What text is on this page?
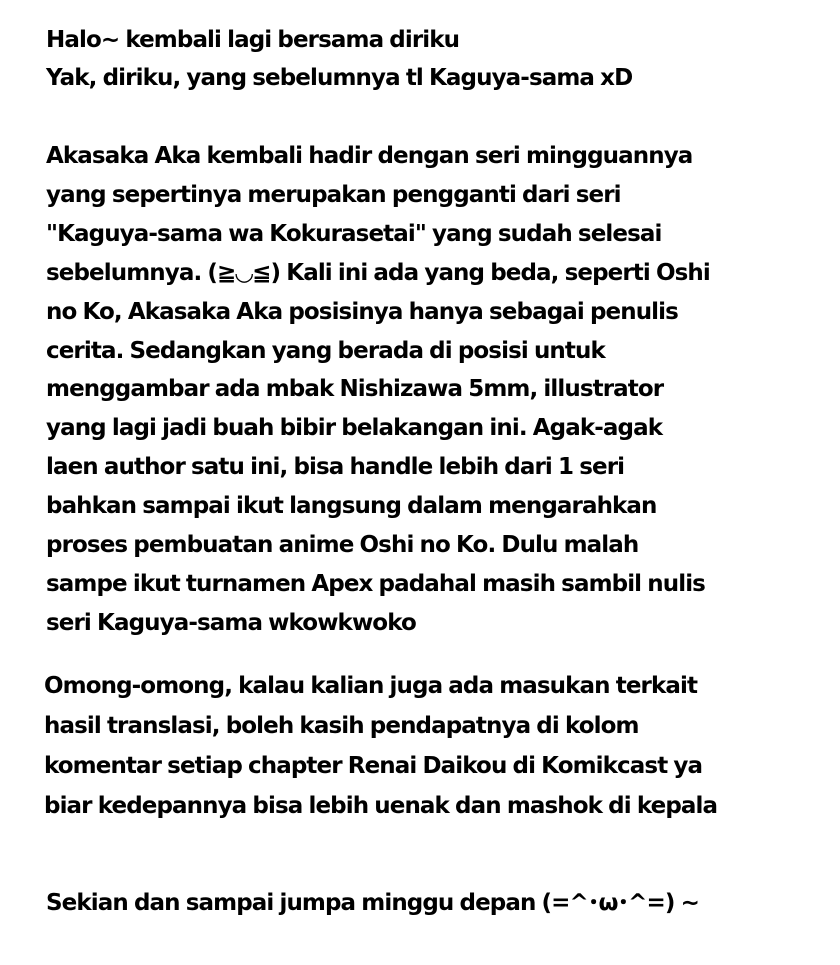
Halo~ kembali lagi bersama diriku
Yak, diriku, yang sebelumnya tl Kaguya-sama xD
Akasaka Aka kembali hadir dengan seri mingguannya
yang sepertinya merupakan pengganti dari seri
"Kaguya-sama wa Kokurasetai" yang sudah selesai
sebelumnya. (≧◡≦) Kali ini ada yang beda, seperti Oshi
no Ko, Akasaka Aka posisinya hanya sebagai penulis
cerita. Sedangkan yang berada di posisi untuk
menggambar ada mbak Nishizawa 5mm, illustrator
yang lagi jadi buah bibir belakangan ini. Agak-agak
laen author satu ini, bisa handle lebih dari 1 seri
bahkan sampai ikut langsung dalam mengarahkan
proses pembuatan anime Oshi no Ko. Dulu malah
sampe ikut turnamen Apex padahal masih sambil nulis
seri Kaguya-sama wkowkwoko
Omong-omong, kalau kalian juga ada masukan terkait
hasil translasi, boleh kasih pendapatnya di kolom
komentar setiap chapter Renai Daikou di Komikcast ya
biar kedepannya bisa lebih uenak dan mashok di kepala
Sekian dan sampai jumpa minggu depan (=^･ω･^=) ~
